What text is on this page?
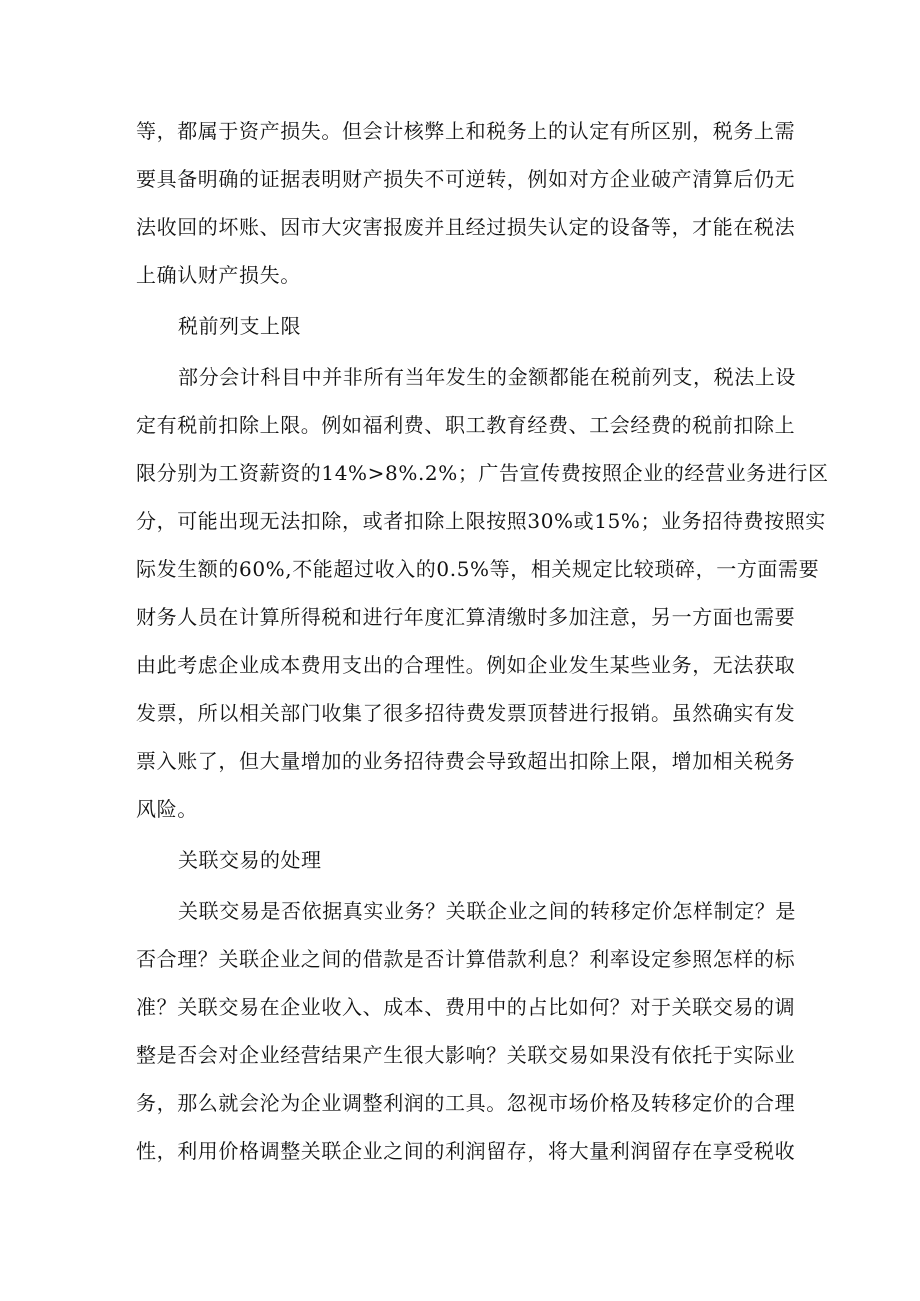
等，都属于资产损失。但会计核弊上和税务上的认定有所区别，税务上需
要具备明确的证据表明财产损失不可逆转，例如对方企业破产清算后仍无
法收回的坏账、因市大灾害报废并且经过损失认定的设备等，才能在税法
上确认财产损失。
税前列支上限
部分会计科目中并非所有当年发生的金额都能在税前列支，税法上设
定有税前扣除上限。例如福利费、职工教育经费、工会经费的税前扣除上
限分别为工资薪资的14%>8%.2%；广告宣传费按照企业的经营业务进行区
分，可能出现无法扣除，或者扣除上限按照30%或15%；业务招待费按照实
际发生额的60%,不能超过收入的0.5%等，相关规定比较琐碎，一方面需要
财务人员在计算所得税和进行年度汇算清缴时多加注意，另一方面也需要
由此考虑企业成本费用支出的合理性。例如企业发生某些业务，无法获取
发票，所以相关部门收集了很多招待费发票顶替进行报销。虽然确实有发
票入账了，但大量增加的业务招待费会导致超出扣除上限，增加相关税务
风险。
关联交易的处理
关联交易是否依据真实业务？关联企业之间的转移定价怎样制定？是
否合理？关联企业之间的借款是否计算借款利息？利率设定参照怎样的标
准？关联交易在企业收入、成本、费用中的占比如何？对于关联交易的调
整是否会对企业经营结果产生很大影响？关联交易如果没有依托于实际业
务，那么就会沦为企业调整利润的工具。忽视市场价格及转移定价的合理
性，利用价格调整关联企业之间的利润留存，将大量利润留存在享受税收
